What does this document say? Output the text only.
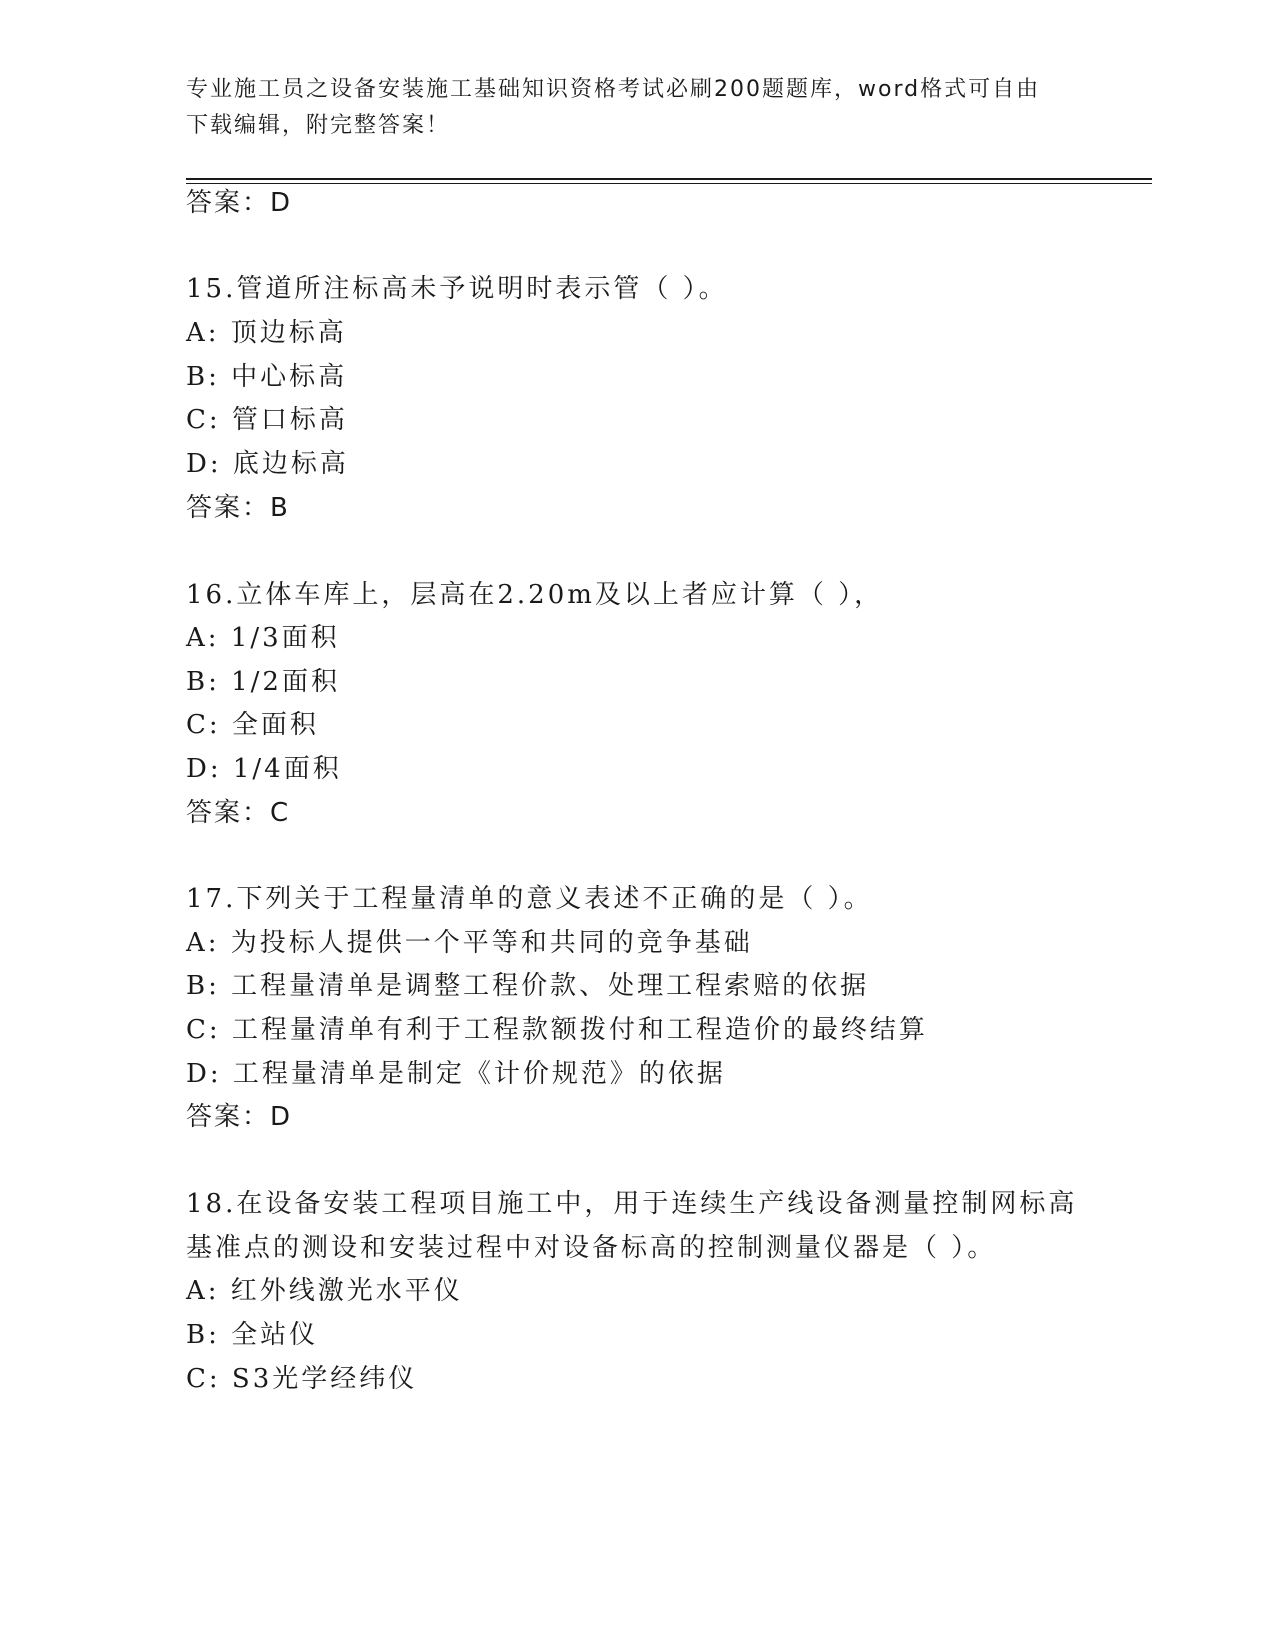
专业施工员之设备安装施工基础知识资格考试必刷200题题库，word格式可自由
下载编辑，附完整答案！
答案：D
15.管道所注标高未予说明时表示管（ ）。
A: 顶边标高
B: 中心标高
C: 管口标高
D: 底边标高
答案：B
16.立体车库上，层高在2.20m及以上者应计算（ ），
A: 1/3面积
B: 1/2面积
C: 全面积
D: 1/4面积
答案：C
17.下列关于工程量清单的意义表述不正确的是（ ）。
A: 为投标人提供一个平等和共同的竞争基础
B: 工程量清单是调整工程价款、处理工程索赔的依据
C: 工程量清单有利于工程款额拨付和工程造价的最终结算
D: 工程量清单是制定《计价规范》的依据
答案：D
18.在设备安装工程项目施工中，用于连续生产线设备测量控制网标高
基准点的测设和安装过程中对设备标高的控制测量仪器是（ ）。
A: 红外线激光水平仪
B: 全站仪
C: S3光学经纬仪
